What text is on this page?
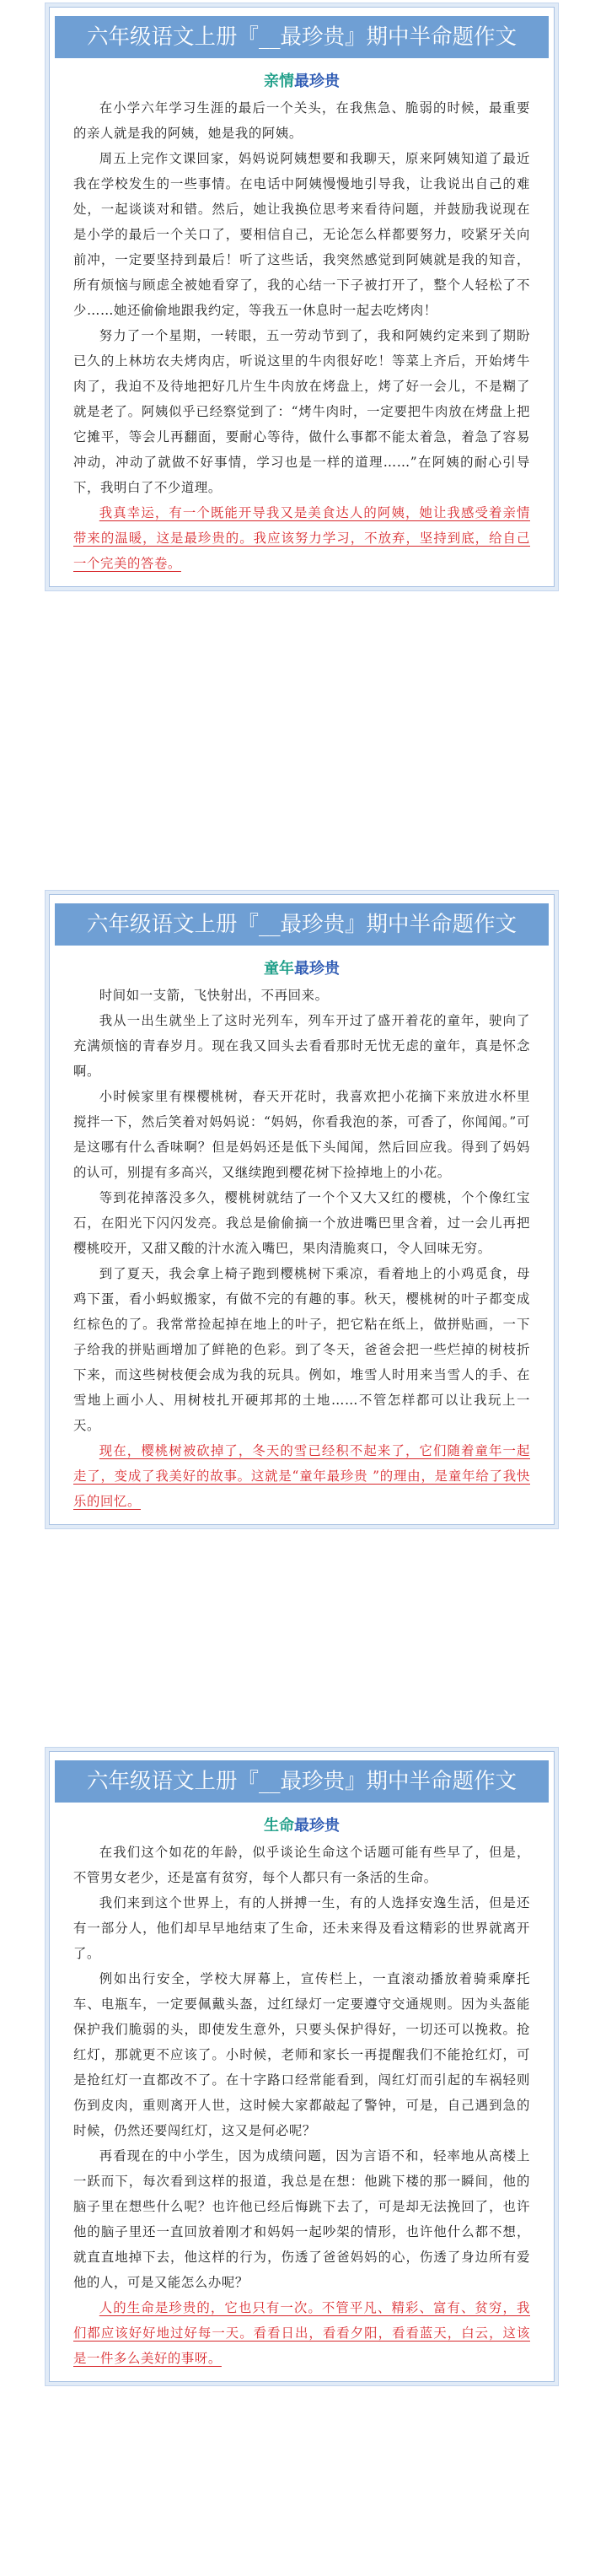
六年级语文上册『__最珍贵』期中半命题作文
亲情最珍贵

在小学六年学习生涯的最后一个关头，在我焦急、脆弱的时候，最重要的亲人就是我的阿姨，她是我的阿姨。

周五上完作文课回家，妈妈说阿姨想要和我聊天，原来阿姨知道了最近我在学校发生的一些事情。在电话中阿姨慢慢地引导我，让我说出自己的难处，一起谈谈对和错。然后，她让我换位思考来看待问题，并鼓励我说现在是小学的最后一个关口了，要相信自己，无论怎么样都要努力，咬紧牙关向前冲，一定要坚持到最后！听了这些话，我突然感觉到阿姨就是我的知音，所有烦恼与顾虑全被她看穿了，我的心结一下子被打开了，整个人轻松了不少……她还偷偷地跟我约定，等我五一休息时一起去吃烤肉！

努力了一个星期，一转眼，五一劳动节到了，我和阿姨约定来到了期盼已久的上林坊农夫烤肉店，听说这里的牛肉很好吃！等菜上齐后，开始烤牛肉了，我迫不及待地把好几片生牛肉放在烤盘上，烤了好一会儿，不是糊了就是老了。阿姨似乎已经察觉到了：“烤牛肉时，一定要把牛肉放在烤盘上把它摊平，等会儿再翻面，要耐心等待，做什么事都不能太着急，着急了容易冲动，冲动了就做不好事情，学习也是一样的道理……”在阿姨的耐心引导下，我明白了不少道理。

我真幸运，有一个既能开导我又是美食达人的阿姨，她让我感受着亲情带来的温暖，这是最珍贵的。我应该努力学习，不放弃，坚持到底，给自己一个完美的答卷。

六年级语文上册『__最珍贵』期中半命题作文
童年最珍贵

时间如一支箭，飞快射出，不再回来。

我从一出生就坐上了这时光列车，列车开过了盛开着花的童年，驶向了充满烦恼的青春岁月。现在我又回头去看看那时无忧无虑的童年，真是怀念啊。

小时候家里有棵樱桃树，春天开花时，我喜欢把小花摘下来放进水杯里搅拌一下，然后笑着对妈妈说：“妈妈，你看我泡的茶，可香了，你闻闻。”可是这哪有什么香味啊？但是妈妈还是低下头闻闻，然后回应我。得到了妈妈的认可，别提有多高兴，又继续跑到樱花树下捡掉地上的小花。

等到花掉落没多久，樱桃树就结了一个个又大又红的樱桃，个个像红宝石，在阳光下闪闪发亮。我总是偷偷摘一个放进嘴巴里含着，过一会儿再把樱桃咬开，又甜又酸的汁水流入嘴巴，果肉清脆爽口，令人回味无穷。

到了夏天，我会拿上椅子跑到樱桃树下乘凉，看着地上的小鸡觅食，母鸡下蛋，看小蚂蚁搬家，有做不完的有趣的事。秋天，樱桃树的叶子都变成红棕色的了。我常常捡起掉在地上的叶子，把它粘在纸上，做拼贴画，一下子给我的拼贴画增加了鲜艳的色彩。到了冬天，爸爸会把一些烂掉的树枝折下来，而这些树枝便会成为我的玩具。例如，堆雪人时用来当雪人的手、在雪地上画小人、用树枝扎开硬邦邦的土地……不管怎样都可以让我玩上一天。

现在，樱桃树被砍掉了，冬天的雪已经积不起来了，它们随着童年一起走了，变成了我美好的故事。这就是“童年最珍贵 ”的理由，是童年给了我快乐的回忆。

六年级语文上册『__最珍贵』期中半命题作文
生命最珍贵

在我们这个如花的年龄，似乎谈论生命这个话题可能有些早了，但是，不管男女老少，还是富有贫穷，每个人都只有一条活的生命。

我们来到这个世界上，有的人拼搏一生，有的人选择安逸生活，但是还有一部分人，他们却早早地结束了生命，还未来得及看这精彩的世界就离开了。

例如出行安全，学校大屏幕上，宣传栏上，一直滚动播放着骑乘摩托车、电瓶车，一定要佩戴头盔，过红绿灯一定要遵守交通规则。因为头盔能保护我们脆弱的头，即使发生意外，只要头保护得好，一切还可以挽救。抢红灯，那就更不应该了。小时候，老师和家长一再提醒我们不能抢红灯，可是抢红灯一直都改不了。在十字路口经常能看到，闯红灯而引起的车祸轻则伤到皮肉，重则离开人世，这时候大家都敲起了警钟，可是，自己遇到急的时候，仍然还要闯红灯，这又是何必呢？

再看现在的中小学生，因为成绩问题，因为言语不和，轻率地从高楼上一跃而下，每次看到这样的报道，我总是在想：他跳下楼的那一瞬间，他的脑子里在想些什么呢？也许他已经后悔跳下去了，可是却无法挽回了，也许他的脑子里还一直回放着刚才和妈妈一起吵架的情形，也许他什么都不想，就直直地掉下去，他这样的行为，伤透了爸爸妈妈的心，伤透了身边所有爱他的人，可是又能怎么办呢？

人的生命是珍贵的，它也只有一次。不管平凡、精彩、富有、贫穷，我们都应该好好地过好每一天。看看日出，看看夕阳，看看蓝天，白云，这该是一件多么美好的事呀。
